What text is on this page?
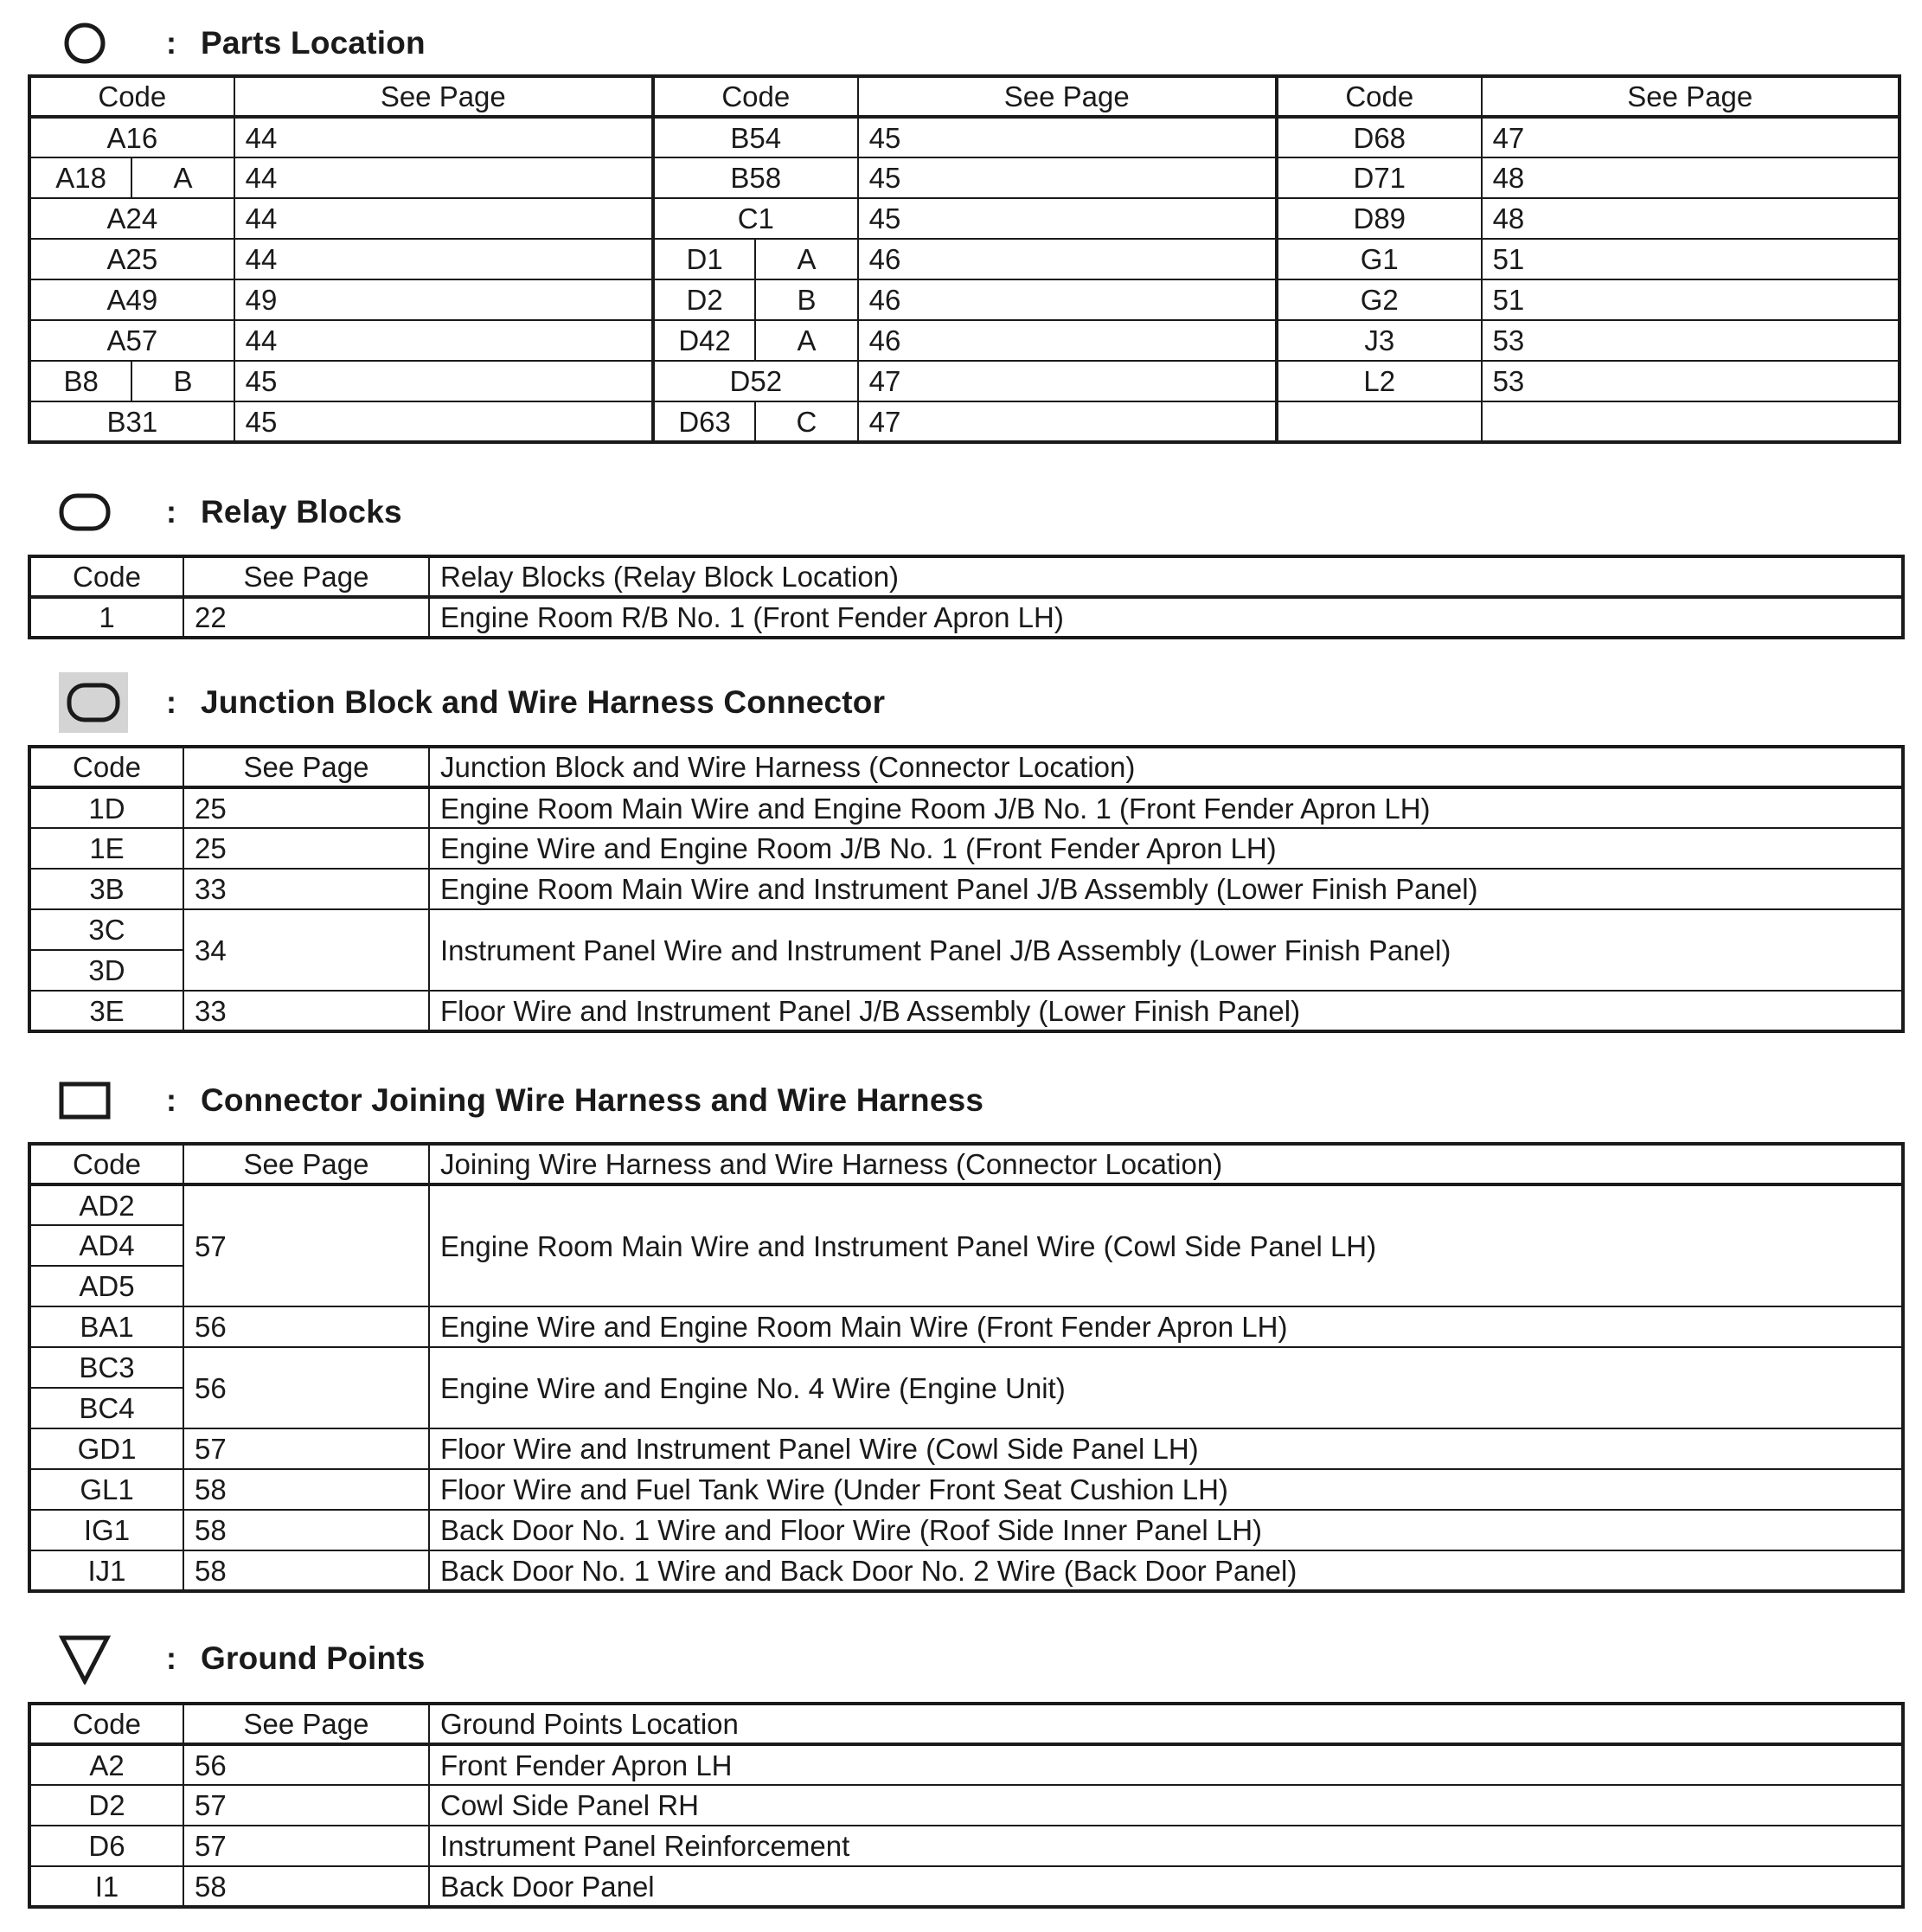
: Parts Location
Code		See Page	Code		See Page	Code	See Page
A16		44	B54		45	D68	47
A18	A	44	B58		45	D71	48
A24		44	C1		45	D89	48
A25		44	D1	A	46	G1	51
A49		49	D2	B	46	G2	51
A57		44	D42	A	46	J3	53
B8	B	45	D52		47	L2	53
B31		45	D63	C	47		
: Relay Blocks
Code	See Page	Relay Blocks (Relay Block Location)
1	22	Engine Room R/B No. 1 (Front Fender Apron LH)
: Junction Block and Wire Harness Connector
Code	See Page	Junction Block and Wire Harness (Connector Location)
1D	25	Engine Room Main Wire and Engine Room J/B No. 1 (Front Fender Apron LH)
1E	25	Engine Wire and Engine Room J/B No. 1 (Front Fender Apron LH)
3B	33	Engine Room Main Wire and Instrument Panel J/B Assembly (Lower Finish Panel)
3C	34	Instrument Panel Wire and Instrument Panel J/B Assembly (Lower Finish Panel)
3D		
3E	33	Floor Wire and Instrument Panel J/B Assembly (Lower Finish Panel)
: Connector Joining Wire Harness and Wire Harness
Code	See Page	Joining Wire Harness and Wire Harness (Connector Location)
AD2	57	Engine Room Main Wire and Instrument Panel Wire (Cowl Side Panel LH)
AD4		
AD5		
BA1	56	Engine Wire and Engine Room Main Wire (Front Fender Apron LH)
BC3	56	Engine Wire and Engine No. 4 Wire (Engine Unit)
BC4		
GD1	57	Floor Wire and Instrument Panel Wire (Cowl Side Panel LH)
GL1	58	Floor Wire and Fuel Tank Wire (Under Front Seat Cushion LH)
IG1	58	Back Door No. 1 Wire and Floor Wire (Roof Side Inner Panel LH)
IJ1	58	Back Door No. 1 Wire and Back Door No. 2 Wire (Back Door Panel)
: Ground Points
Code	See Page	Ground Points Location
A2	56	Front Fender Apron LH
D2	57	Cowl Side Panel RH
D6	57	Instrument Panel Reinforcement
I1	58	Back Door Panel
